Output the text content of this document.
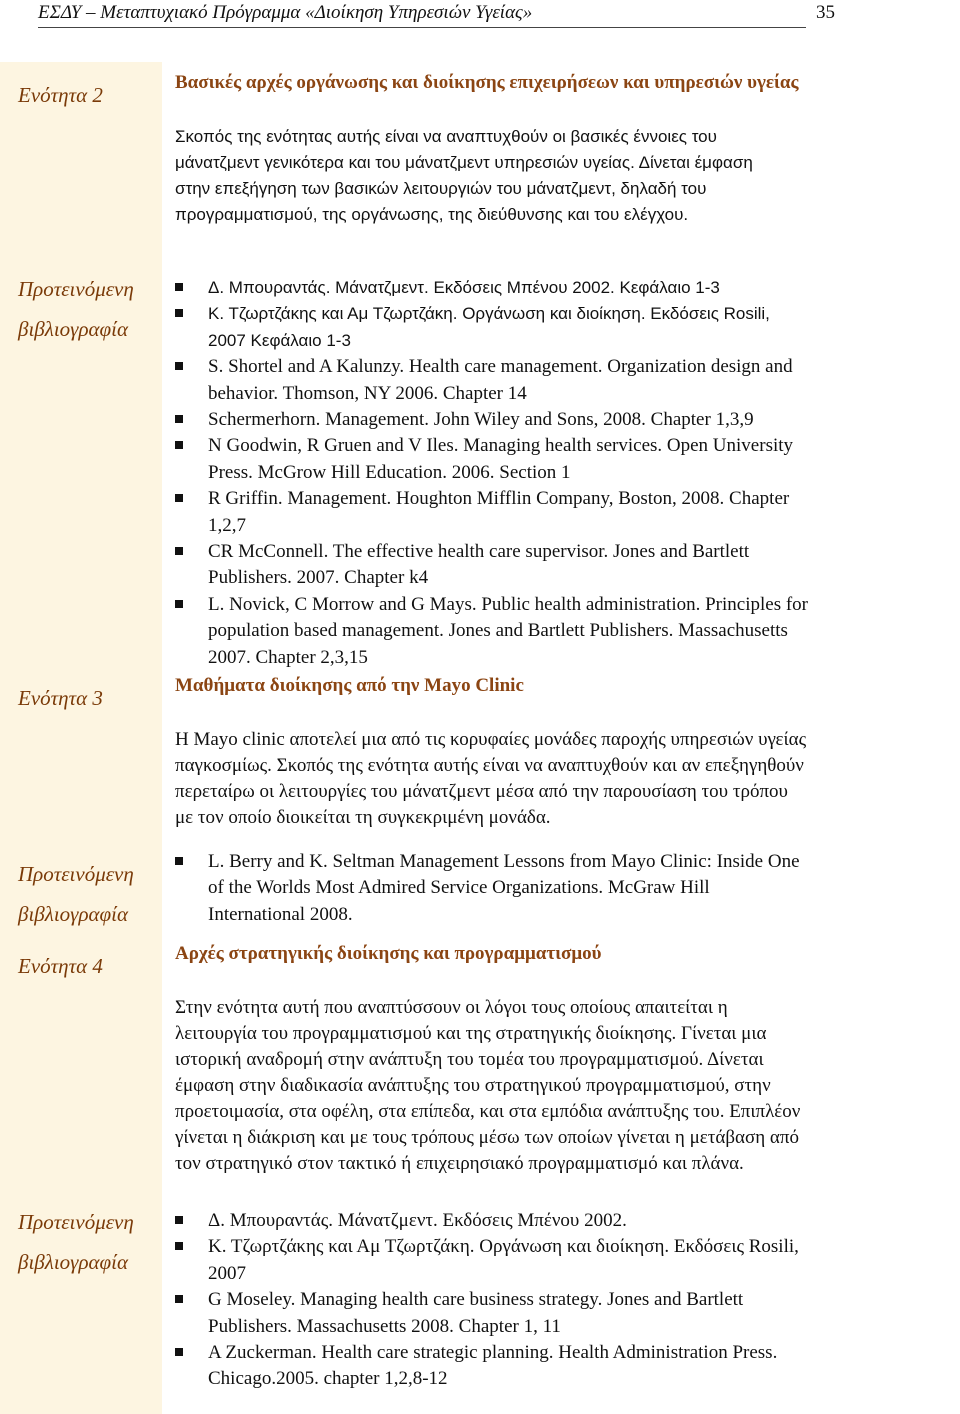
ΕΣΔΥ – Μεταπτυχιακό Πρόγραμμα «Διοίκηση Υπηρεσιών Υγείας»	35
Ενότητα 2
Βασικές αρχές οργάνωσης και διοίκησης επιχειρήσεων και υπηρεσιών υγείας
Σκοπός της ενότητας αυτής είναι να αναπτυχθούν οι βασικές έννοιες του
μάνατζμεντ γενικότερα και του μάνατζμεντ υπηρεσιών υγείας. Δίνεται έμφαση
στην επεξήγηση των βασικών λειτουργιών του μάνατζμεντ, δηλαδή του
προγραμματισμού, της οργάνωσης, της διεύθυνσης και του ελέγχου.
Προτεινόμενη
βιβλιογραφία
Δ. Μπουραντάς. Μάνατζμεντ. Εκδόσεις Μπένου 2002. Κεφάλαιο 1-3
Κ. Τζωρτζάκης και Αμ Τζωρτζάκη. Οργάνωση και διοίκηση. Εκδόσεις Rosili,
2007 Κεφάλαιο 1-3
S. Shortel and A Kalunzy. Health care management. Organization design and
behavior. Thomson, NY 2006. Chapter 14
Schermerhorn. Management. John Wiley and Sons, 2008. Chapter 1,3,9
N Goodwin, R Gruen and V Iles. Managing health services. Open University
Press. McGrow Hill Education. 2006. Section 1
R Griffin. Management. Houghton Mifflin Company, Boston, 2008. Chapter
1,2,7
CR McConnell. The effective health care supervisor. Jones and Bartlett
Publishers. 2007. Chapter k4
L. Novick, C Morrow and G Mays. Public health administration. Principles for
population based management. Jones and Bartlett Publishers. Massachusetts
2007. Chapter 2,3,15
Ενότητα 3
Μαθήματα διοίκησης από την Mayo Clinic
Η Mayo clinic αποτελεί μια από τις κορυφαίες μονάδες παροχής υπηρεσιών υγείας
παγκοσμίως. Σκοπός της ενότητα αυτής είναι να αναπτυχθούν και αν επεξηγηθούν
περεταίρω οι λειτουργίες του μάνατζμεντ μέσα από την παρουσίαση του τρόπου
με τον οποίο διοικείται τη συγκεκριμένη μονάδα.
Προτεινόμενη
βιβλιογραφία
L. Berry and K. Seltman Management Lessons from Mayo Clinic: Inside One
of the Worlds Most Admired Service Organizations. McGraw Hill
International 2008.
Ενότητα 4
Αρχές στρατηγικής διοίκησης και προγραμματισμού
Στην ενότητα αυτή που αναπτύσσουν οι λόγοι τους οποίους απαιτείται η
λειτουργία του προγραμματισμού και της στρατηγικής διοίκησης. Γίνεται μια
ιστορική αναδρομή στην ανάπτυξη του τομέα του προγραμματισμού. Δίνεται
έμφαση στην διαδικασία ανάπτυξης του στρατηγικού προγραμματισμού, στην
προετοιμασία, στα οφέλη, στα επίπεδα, και στα εμπόδια ανάπτυξης του. Επιπλέον
γίνεται η διάκριση και με τους τρόπους μέσω των οποίων γίνεται η μετάβαση από
τον στρατηγικό στον τακτικό ή επιχειρησιακό προγραμματισμό και πλάνα.
Προτεινόμενη
βιβλιογραφία
Δ. Μπουραντάς. Μάνατζμεντ. Εκδόσεις Μπένου 2002.
Κ. Τζωρτζάκης και Αμ Τζωρτζάκη. Οργάνωση και διοίκηση. Εκδόσεις Rosili,
2007
G Moseley. Managing health care business strategy. Jones and Bartlett
Publishers. Massachusetts 2008. Chapter 1, 11
A Zuckerman. Health care strategic planning. Health Administration Press.
Chicago.2005. chapter 1,2,8-12
